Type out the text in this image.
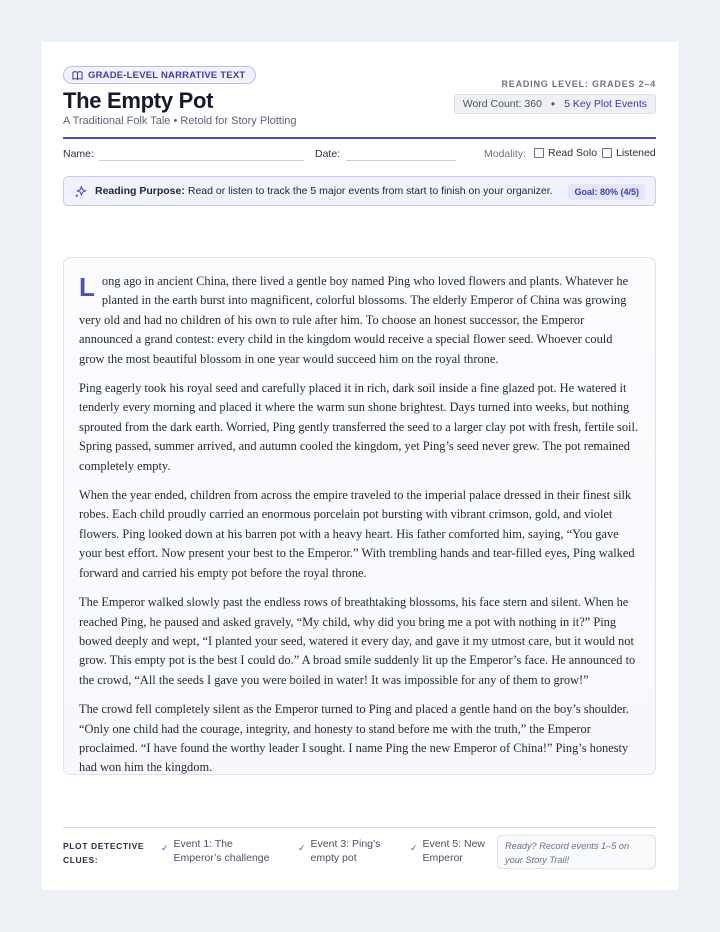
GRADE-LEVEL NARRATIVE TEXT
The Empty Pot
A Traditional Folk Tale • Retold for Story Plotting
READING LEVEL: GRADES 2–4
Word Count: 360 • 5 Key Plot Events
Name:	Date:	Modality: Read Solo Listened
Reading Purpose: Read or listen to track the 5 major events from start to finish on your organizer.	Goal: 80% (4/5)

Long ago in ancient China, there lived a gentle boy named Ping who loved flowers and plants. Whatever he planted in the earth burst into magnificent, colorful blossoms. The elderly Emperor of China was growing very old and had no children of his own to rule after him. To choose an honest successor, the Emperor announced a grand contest: every child in the kingdom would receive a special flower seed. Whoever could grow the most beautiful blossom in one year would succeed him on the royal throne.

Ping eagerly took his royal seed and carefully placed it in rich, dark soil inside a fine glazed pot. He watered it tenderly every morning and placed it where the warm sun shone brightest. Days turned into weeks, but nothing sprouted from the dark earth. Worried, Ping gently transferred the seed to a larger clay pot with fresh, fertile soil. Spring passed, summer arrived, and autumn cooled the kingdom, yet Ping’s seed never grew. The pot remained completely empty.

When the year ended, children from across the empire traveled to the imperial palace dressed in their finest silk robes. Each child proudly carried an enormous porcelain pot bursting with vibrant crimson, gold, and violet flowers. Ping looked down at his barren pot with a heavy heart. His father comforted him, saying, “You gave your best effort. Now present your best to the Emperor.” With trembling hands and tear-filled eyes, Ping walked forward and carried his empty pot before the royal throne.

The Emperor walked slowly past the endless rows of breathtaking blossoms, his face stern and silent. When he reached Ping, he paused and asked gravely, “My child, why did you bring me a pot with nothing in it?” Ping bowed deeply and wept, “I planted your seed, watered it every day, and gave it my utmost care, but it would not grow. This empty pot is the best I could do.” A broad smile suddenly lit up the Emperor’s face. He announced to the crowd, “All the seeds I gave you were boiled in water! It was impossible for any of them to grow!”

The crowd fell completely silent as the Emperor turned to Ping and placed a gentle hand on the boy’s shoulder. “Only one child had the courage, integrity, and honesty to stand before me with the truth,” the Emperor proclaimed. “I have found the worthy leader I sought. I name Ping the new Emperor of China!” Ping’s honesty had won him the kingdom.

PLOT DETECTIVE CLUES:
✓ Event 1: The Emperor’s challenge
✓ Event 3: Ping’s empty pot
✓ Event 5: New Emperor
Ready? Record events 1–5 on your Story Trail!
